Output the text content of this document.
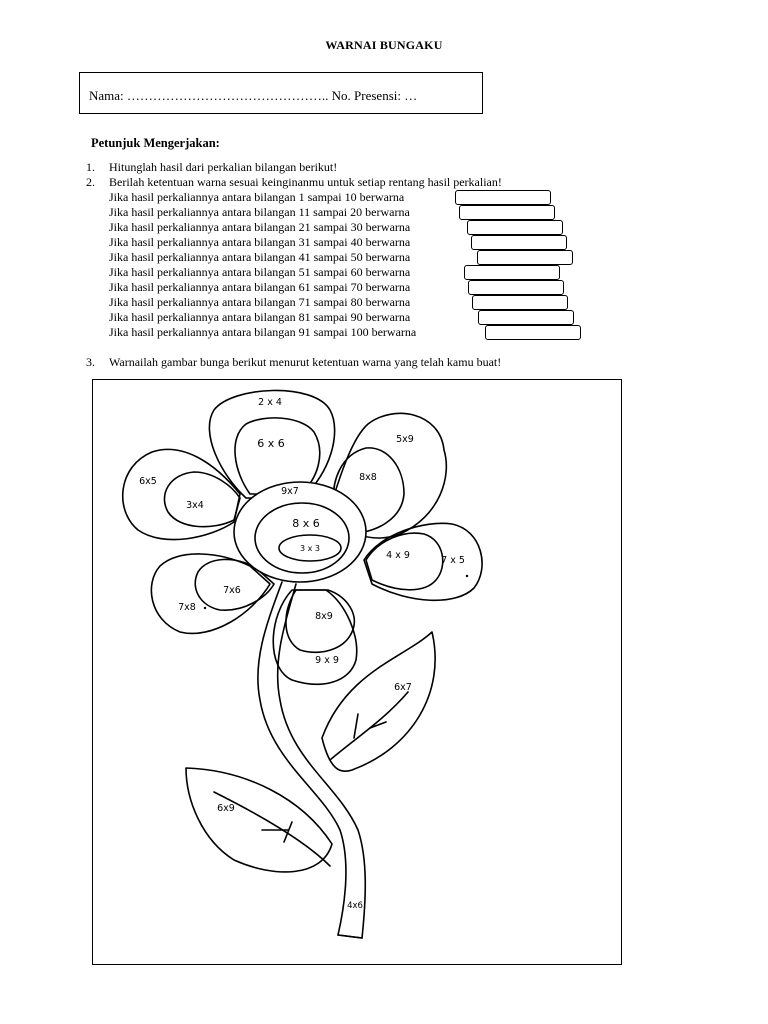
WARNAI BUNGAKU
Nama: ……………………………………….. No. Presensi: …
Petunjuk Mengerjakan:
1. Hitunglah hasil dari perkalian bilangan berikut!
2. Berilah ketentuan warna sesuai keinginanmu untuk setiap rentang hasil perkalian!
Jika hasil perkaliannya antara bilangan 1 sampai 10 berwarna
Jika hasil perkaliannya antara bilangan 11 sampai 20 berwarna
Jika hasil perkaliannya antara bilangan 21 sampai 30 berwarna
Jika hasil perkaliannya antara bilangan 31 sampai 40 berwarna
Jika hasil perkaliannya antara bilangan 41 sampai 50 berwarna
Jika hasil perkaliannya antara bilangan 51 sampai 60 berwarna
Jika hasil perkaliannya antara bilangan 61 sampai 70 berwarna
Jika hasil perkaliannya antara bilangan 71 sampai 80 berwarna
Jika hasil perkaliannya antara bilangan 81 sampai 90 berwarna
Jika hasil perkaliannya antara bilangan 91 sampai 100 berwarna
3. Warnailah gambar bunga berikut menurut ketentuan warna yang telah kamu buat!
2 x 4
6 x 6	5x9
8x8
6x5
3x4
9x7
8 x 6
3 x 3
4 x 9	7 x 5
7x6
7x8
8x9
9 x 9
6x7
6x9
4x6
